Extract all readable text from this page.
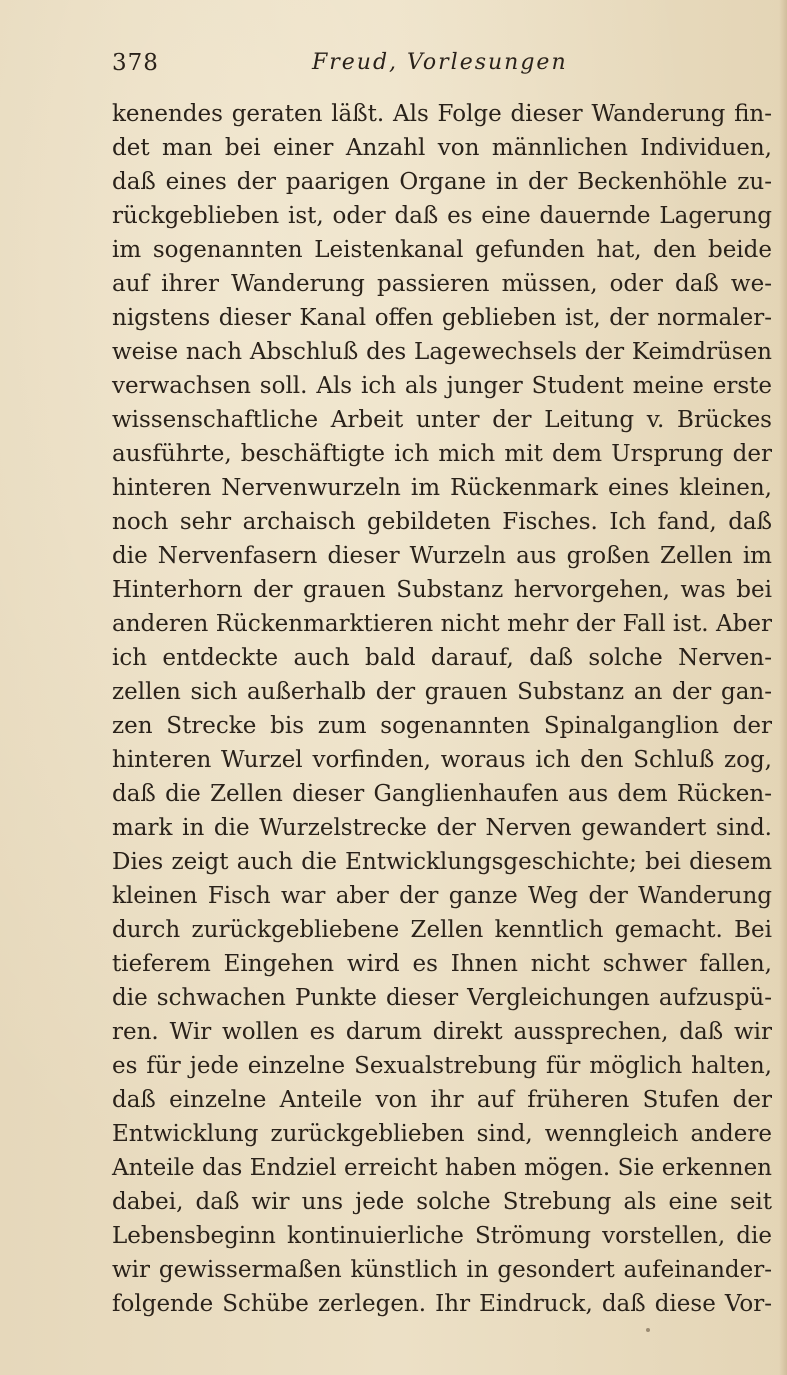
378	Freud, Vorlesungen
kenendes geraten läßt. Als Folge dieser Wanderung fin-
det man bei einer Anzahl von männlichen Individuen,
daß eines der paarigen Organe in der Beckenhöhle zu-
rückgeblieben ist, oder daß es eine dauernde Lagerung
im sogenannten Leistenkanal gefunden hat, den beide
auf ihrer Wanderung passieren müssen, oder daß we-
nigstens dieser Kanal offen geblieben ist, der normaler-
weise nach Abschluß des Lagewechsels der Keimdrüsen
verwachsen soll. Als ich als junger Student meine erste
wissenschaftliche Arbeit unter der Leitung v. Brückes
ausführte, beschäftigte ich mich mit dem Ursprung der
hinteren Nervenwurzeln im Rückenmark eines kleinen,
noch sehr archaisch gebildeten Fisches. Ich fand, daß
die Nervenfasern dieser Wurzeln aus großen Zellen im
Hinterhorn der grauen Substanz hervorgehen, was bei
anderen Rückenmarktieren nicht mehr der Fall ist. Aber
ich entdeckte auch bald darauf, daß solche Nerven-
zellen sich außerhalb der grauen Substanz an der gan-
zen Strecke bis zum sogenannten Spinalganglion der
hinteren Wurzel vorfinden, woraus ich den Schluß zog,
daß die Zellen dieser Ganglienhaufen aus dem Rücken-
mark in die Wurzelstrecke der Nerven gewandert sind.
Dies zeigt auch die Entwicklungsgeschichte; bei diesem
kleinen Fisch war aber der ganze Weg der Wanderung
durch zurückgebliebene Zellen kenntlich gemacht. Bei
tieferem Eingehen wird es Ihnen nicht schwer fallen,
die schwachen Punkte dieser Vergleichungen aufzuspü-
ren. Wir wollen es darum direkt aussprechen, daß wir
es für jede einzelne Sexualstrebung für möglich halten,
daß einzelne Anteile von ihr auf früheren Stufen der
Entwicklung zurückgeblieben sind, wenngleich andere
Anteile das Endziel erreicht haben mögen. Sie erkennen
dabei, daß wir uns jede solche Strebung als eine seit
Lebensbeginn kontinuierliche Strömung vorstellen, die
wir gewissermaßen künstlich in gesondert aufeinander-
folgende Schübe zerlegen. Ihr Eindruck, daß diese Vor-
